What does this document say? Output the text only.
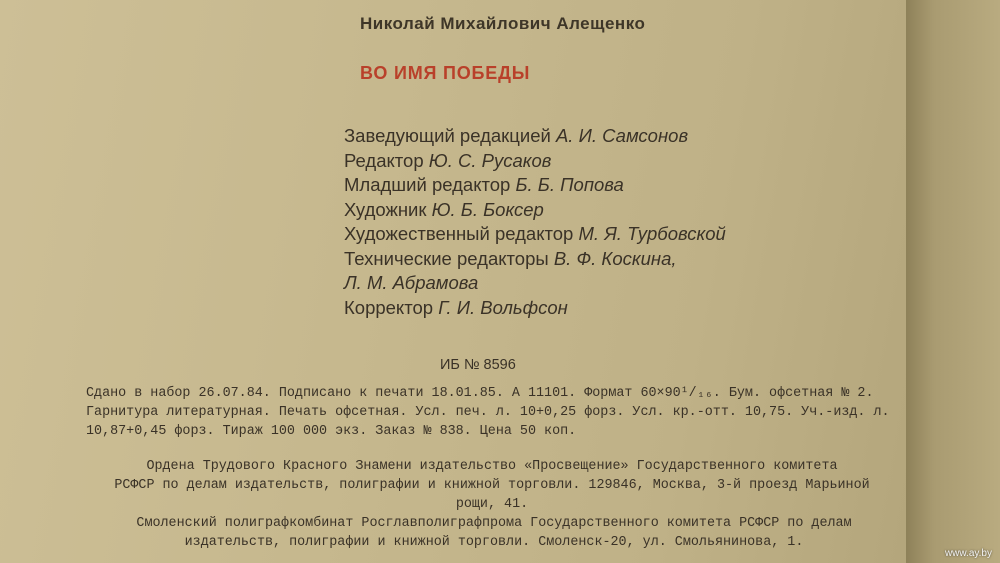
Николай Михайлович Алещенко
ВО ИМЯ ПОБЕДЫ
Заведующий редакцией А. И. Самсонов
Редактор Ю. С. Русаков
Младший редактор Б. Б. Попова
Художник Ю. Б. Боксер
Художественный редактор М. Я. Турбовской
Технические редакторы В. Ф. Коскина,
Л. М. Абрамова
Корректор Г. И. Вольфсон
ИБ № 8596
Сдано в набор 26.07.84. Подписано к печати 18.01.85. А 11101. Формат 60×90¹/₁₆. Бум. офсетная № 2.
Гарнитура литературная. Печать офсетная. Усл. печ. л. 10+0,25 форз. Усл. кр.-отт. 10,75. Уч.-изд. л.
10,87+0,45 форз. Тираж 100 000 экз. Заказ № 838. Цена 50 коп.
Ордена Трудового Красного Знамени издательство «Просвещение» Государственного комитета
РСФСР по делам издательств, полиграфии и книжной торговли. 129846, Москва, 3-й проезд Марьиной
рощи, 41.
Смоленский полиграфкомбинат Росглавполиграфпрома Государственного комитета РСФСР по делам
издательств, полиграфии и книжной торговли. Смоленск-20, ул. Смольянинова, 1.
www.ay.by
